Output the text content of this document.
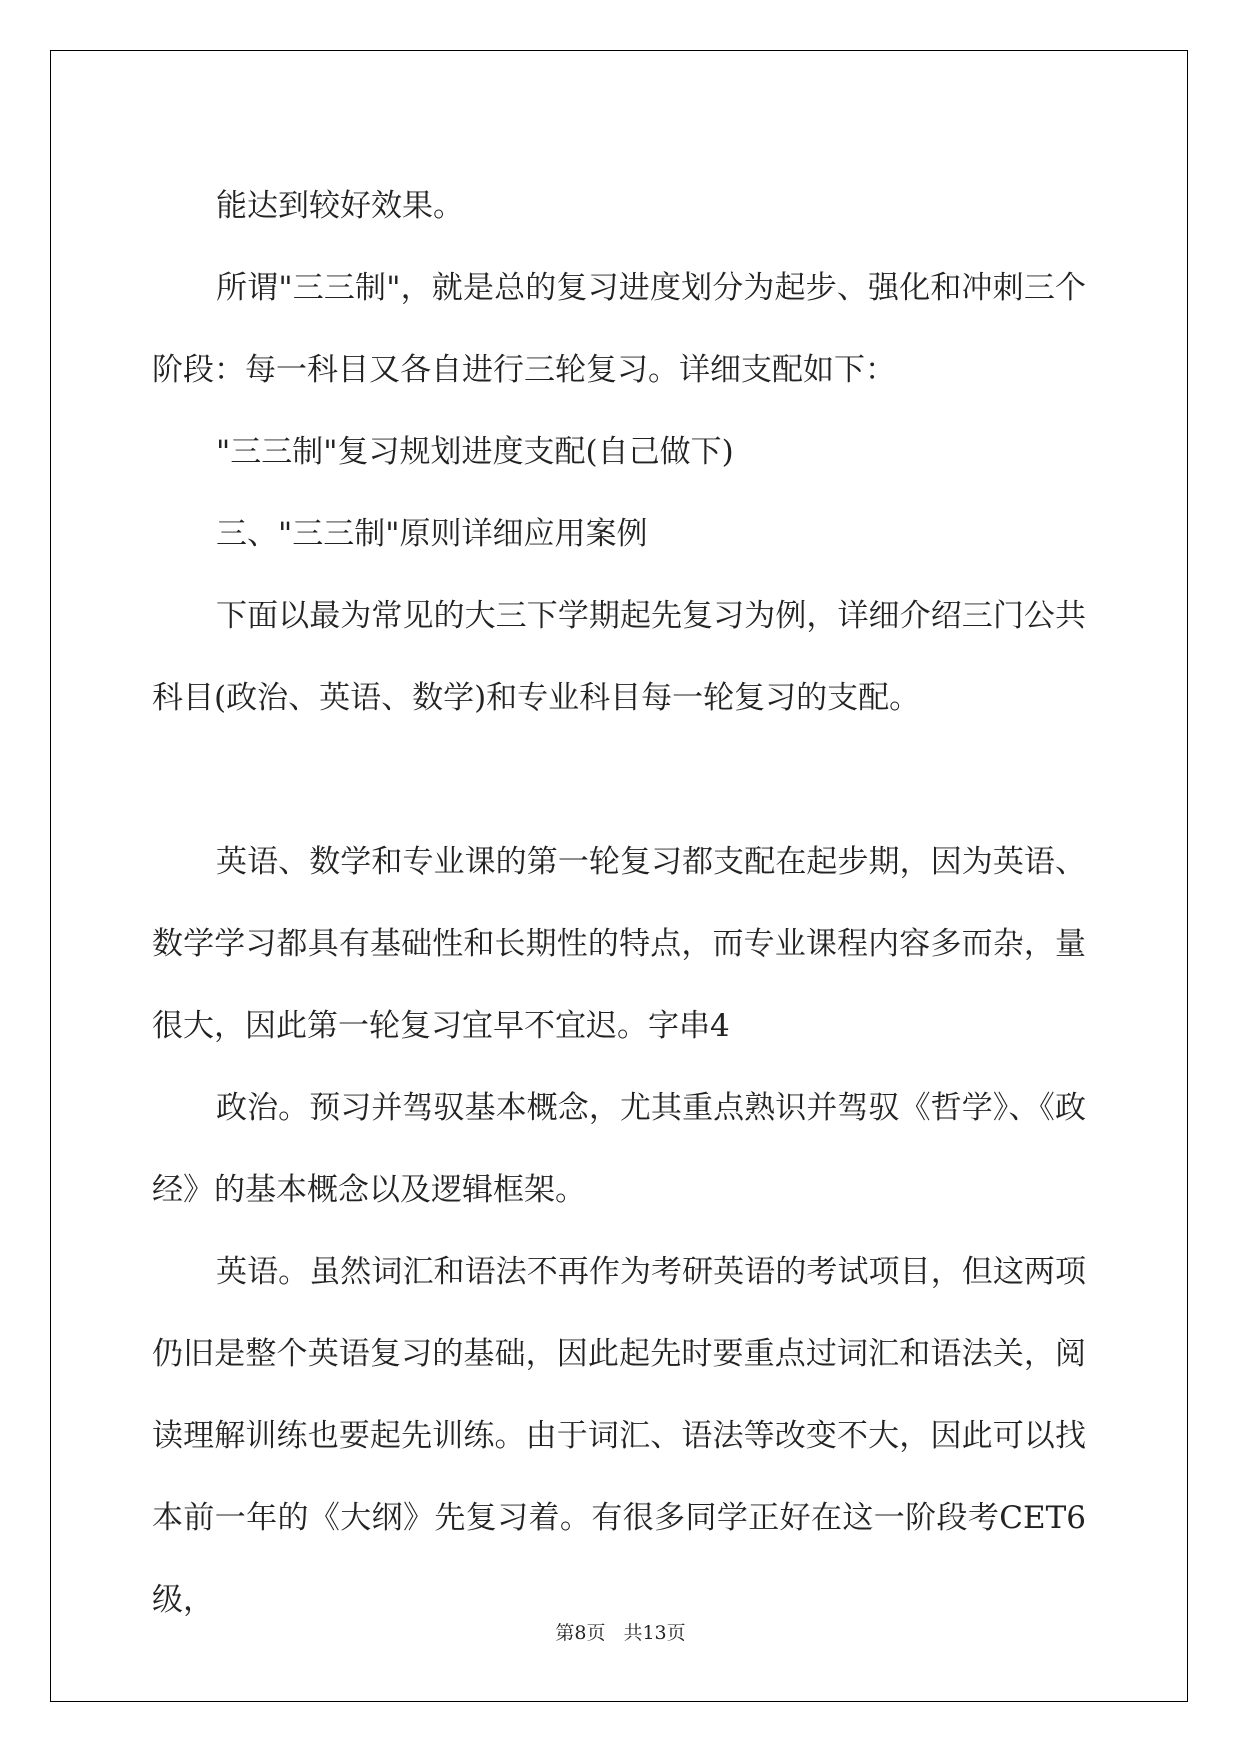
能达到较好效果。

所谓"三三制"，就是总的复习进度划分为起步、强化和冲刺三个阶段：每一科目又各自进行三轮复习。详细支配如下：

"三三制"复习规划进度支配(自己做下)

三、"三三制"原则详细应用案例

下面以最为常见的大三下学期起先复习为例，详细介绍三门公共科目(政治、英语、数学)和专业科目每一轮复习的支配。

英语、数学和专业课的第一轮复习都支配在起步期，因为英语、数学学习都具有基础性和长期性的特点，而专业课程内容多而杂，量很大，因此第一轮复习宜早不宜迟。字串4

政治。预习并驾驭基本概念，尤其重点熟识并驾驭《哲学》、《政经》的基本概念以及逻辑框架。

英语。虽然词汇和语法不再作为考研英语的考试项目，但这两项仍旧是整个英语复习的基础，因此起先时要重点过词汇和语法关，阅读理解训练也要起先训练。由于词汇、语法等改变不大，因此可以找本前一年的《大纲》先复习着。有很多同学正好在这一阶段考CET6级，

第8页 共13页
